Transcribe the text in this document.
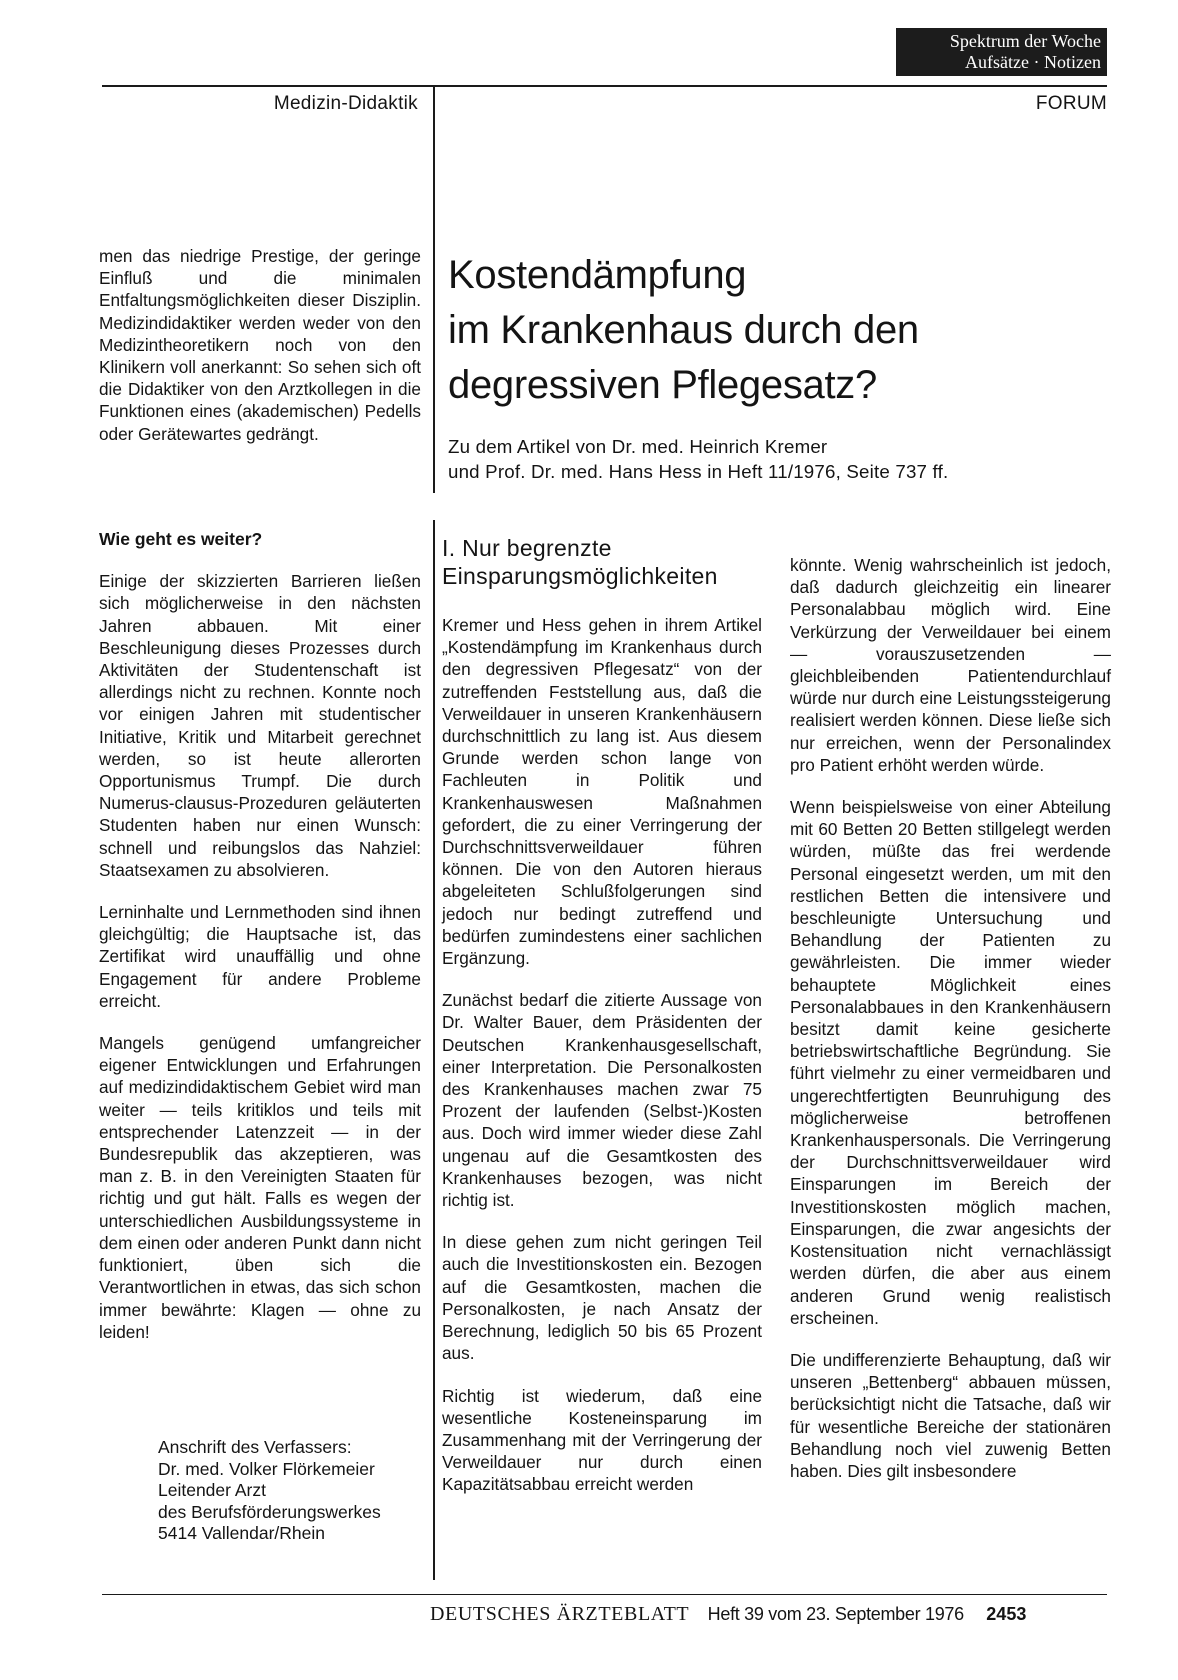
Spektrum der Woche
Aufsätze · Notizen
Medizin-Didaktik	FORUM

men das niedrige Prestige, der geringe Einfluß und die minimalen Entfaltungsmöglichkeiten dieser Disziplin. Medizindidaktiker werden weder von den Medizintheoretikern noch von den Klinikern voll anerkannt: So sehen sich oft die Didaktiker von den Arztkollegen in die Funktionen eines (akademischen) Pedells oder Gerätewartes gedrängt.

Wie geht es weiter?

Einige der skizzierten Barrieren ließen sich möglicherweise in den nächsten Jahren abbauen. Mit einer Beschleunigung dieses Prozesses durch Aktivitäten der Studentenschaft ist allerdings nicht zu rechnen. Konnte noch vor einigen Jahren mit studentischer Initiative, Kritik und Mitarbeit gerechnet werden, so ist heute allerorten Opportunismus Trumpf. Die durch Numerus-clausus-Prozeduren geläuterten Studenten haben nur einen Wunsch: schnell und reibungslos das Nahziel: Staatsexamen zu absolvieren.

Lerninhalte und Lernmethoden sind ihnen gleichgültig; die Hauptsache ist, das Zertifikat wird unauffällig und ohne Engagement für andere Probleme erreicht.

Mangels genügend umfangreicher eigener Entwicklungen und Erfahrungen auf medizindidaktischem Gebiet wird man weiter — teils kritiklos und teils mit entsprechender Latenzzeit — in der Bundesrepublik das akzeptieren, was man z. B. in den Vereinigten Staaten für richtig und gut hält. Falls es wegen der unterschiedlichen Ausbildungssysteme in dem einen oder anderen Punkt dann nicht funktioniert, üben sich die Verantwortlichen in etwas, das sich schon immer bewährte: Klagen — ohne zu leiden!

Anschrift des Verfassers:
Dr. med. Volker Flörkemeier
Leitender Arzt
des Berufsförderungswerkes
5414 Vallendar/Rhein
Kostendämpfung
im Krankenhaus durch den
degressiven Pflegesatz?
Zu dem Artikel von Dr. med. Heinrich Kremer
und Prof. Dr. med. Hans Hess in Heft 11/1976, Seite 737 ff.
I. Nur begrenzte
Einsparungsmöglichkeiten

Kremer und Hess gehen in ihrem Artikel „Kostendämpfung im Krankenhaus durch den degressiven Pflegesatz“ von der zutreffenden Feststellung aus, daß die Verweildauer in unseren Krankenhäusern durchschnittlich zu lang ist. Aus diesem Grunde werden schon lange von Fachleuten in Politik und Krankenhauswesen Maßnahmen gefordert, die zu einer Verringerung der Durchschnittsverweildauer führen können. Die von den Autoren hieraus abgeleiteten Schlußfolgerungen sind jedoch nur bedingt zutreffend und bedürfen zumindestens einer sachlichen Ergänzung.

Zunächst bedarf die zitierte Aussage von Dr. Walter Bauer, dem Präsidenten der Deutschen Krankenhausgesellschaft, einer Interpretation. Die Personalkosten des Krankenhauses machen zwar 75 Prozent der laufenden (Selbst-)Kosten aus. Doch wird immer wieder diese Zahl ungenau auf die Gesamtkosten des Krankenhauses bezogen, was nicht richtig ist.

In diese gehen zum nicht geringen Teil auch die Investitionskosten ein. Bezogen auf die Gesamtkosten, machen die Personalkosten, je nach Ansatz der Berechnung, lediglich 50 bis 65 Prozent aus.

Richtig ist wiederum, daß eine wesentliche Kosteneinsparung im Zusammenhang mit der Verringerung der Verweildauer nur durch einen Kapazitätsabbau erreicht werden

könnte. Wenig wahrscheinlich ist jedoch, daß dadurch gleichzeitig ein linearer Personalabbau möglich wird. Eine Verkürzung der Verweildauer bei einem — vorauszusetzenden — gleichbleibenden Patientendurchlauf würde nur durch eine Leistungssteigerung realisiert werden können. Diese ließe sich nur erreichen, wenn der Personalindex pro Patient erhöht werden würde.

Wenn beispielsweise von einer Abteilung mit 60 Betten 20 Betten stillgelegt werden würden, müßte das frei werdende Personal eingesetzt werden, um mit den restlichen Betten die intensivere und beschleunigte Untersuchung und Behandlung der Patienten zu gewährleisten. Die immer wieder behauptete Möglichkeit eines Personalabbaues in den Krankenhäusern besitzt damit keine gesicherte betriebswirtschaftliche Begründung. Sie führt vielmehr zu einer vermeidbaren und ungerechtfertigten Beunruhigung des möglicherweise betroffenen Krankenhauspersonals. Die Verringerung der Durchschnittsverweildauer wird Einsparungen im Bereich der Investitionskosten möglich machen, Einsparungen, die zwar angesichts der Kostensituation nicht vernachlässigt werden dürfen, die aber aus einem anderen Grund wenig realistisch erscheinen.

Die undifferenzierte Behauptung, daß wir unseren „Bettenberg“ abbauen müssen, berücksichtigt nicht die Tatsache, daß wir für wesentliche Bereiche der stationären Behandlung noch viel zuwenig Betten haben. Dies gilt insbesondere

DEUTSCHES ÄRZTEBLATT Heft 39 vom 23. September 1976 2453
